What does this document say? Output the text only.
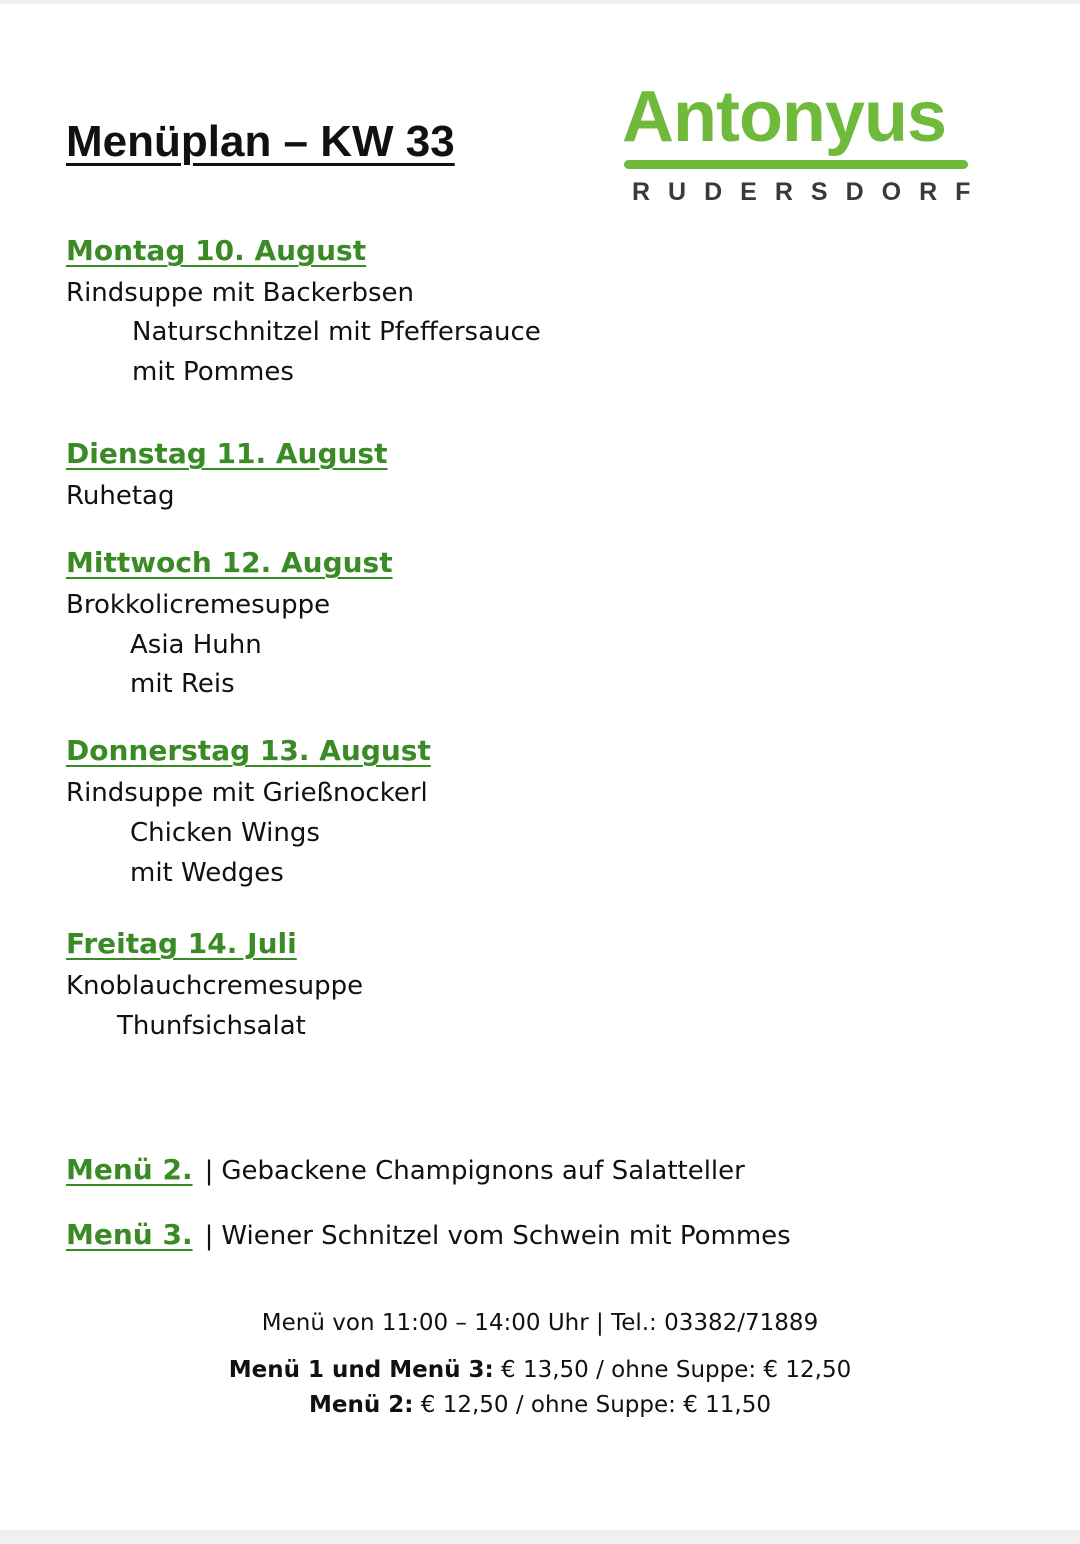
Menüplan – KW 33 Antonyus
RUDERSDORF
Montag 10. August
Rindsuppe mit Backerbsen
Naturschnitzel mit Pfeffersauce
mit Pommes
Dienstag 11. August
Ruhetag
Mittwoch 12. August
Brokkolicremesuppe
Asia Huhn
mit Reis
Donnerstag 13. August
Rindsuppe mit Grießnockerl
Chicken Wings
mit Wedges
Freitag 14. Juli
Knoblauchcremesuppe
Thunfsichsalat
Menü 2. | Gebackene Champignons auf Salatteller
Menü 3. | Wiener Schnitzel vom Schwein mit Pommes
Menü von 11:00 – 14:00 Uhr | Tel.: 03382/71889
Menü 1 und Menü 3: € 13,50 / ohne Suppe: € 12,50
Menü 2: € 12,50 / ohne Suppe: € 11,50
